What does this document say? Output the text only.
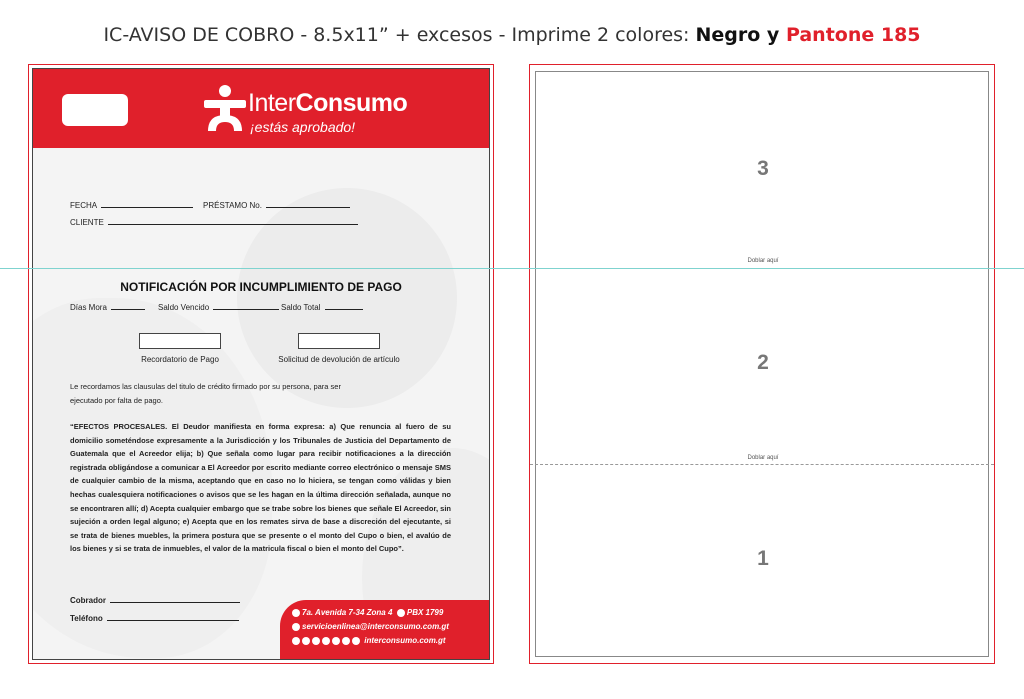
IC-AVISO DE COBRO - 8.5x11” + excesos - Imprime 2 colores: Negro y Pantone 185
InterConsumo
¡estás aprobado!
FECHA	PRÉSTAMO No.
CLIENTE
NOTIFICACIÓN POR INCUMPLIMIENTO DE PAGO
Días Mora	Saldo Vencido	Saldo Total
Recordatorio de Pago	Solicitud de devolución de artículo
Le recordamos las clausulas del titulo de crédito firmado por su persona, para ser
ejecutado por falta de pago.
“EFECTOS PROCESALES. El Deudor manifiesta en forma expresa: a) Que renuncia al fuero de su domicilio someténdose expresamente a la Jurisdicción y los Tribunales de Justicia del Departamento de Guatemala que el Acreedor elija; b) Que señala como lugar para recibir notificaciones a la dirección registrada obligándose a comunicar a El Acreedor por escrito mediante correo electrónico o mensaje SMS de cualquier cambio de la misma, aceptando que en caso no lo hiciera, se tengan como válidas y bien hechas cualesquiera notificaciones o avisos que se les hagan en la última dirección señalada, aunque no se encontraren allí; d) Acepta cualquier embargo que se trabe sobre los bienes que señale El Acreedor, sin sujeción a orden legal alguno; e) Acepta que en los remates sirva de base a discreción del ejecutante, si se trata de bienes muebles, la primera postura que se presente o el monto del Cupo o bien, el avalúo de los bienes y si se trata de inmuebles, el valor de la matricula fiscal o bien el monto del Cupo”.
Cobrador
Teléfono
7a. Avenida 7-34 Zona 4 PBX 1799
servicioenlinea@interconsumo.com.gt
interconsumo.com.gt
3
Doblar aquí
2
Doblar aquí
1
